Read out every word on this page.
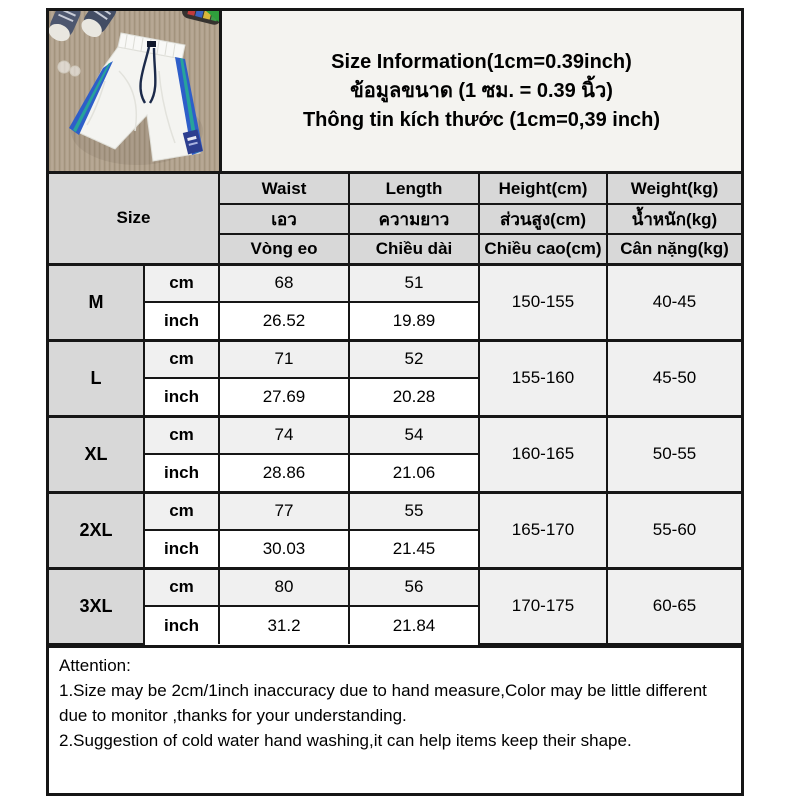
Size Information(1cm=0.39inch)
ข้อมูลขนาด (1 ซม. = 0.39 นิ้ว)
Thông tin kích thước (1cm=0,39 inch)
Size		Waist	Length	Height(cm)	Weight(kg)
		เอว	ความยาว	ส่วนสูง(cm)	น้ำหนัก(kg)
		Vòng eo	Chiều dài	Chiều cao(cm)	Cân nặng(kg)
M	cm	68	51	150-155	40-45
	inch	26.52	19.89		
L	cm	71	52	155-160	45-50
	inch	27.69	20.28		
XL	cm	74	54	160-165	50-55
	inch	28.86	21.06		
2XL	cm	77	55	165-170	55-60
	inch	30.03	21.45		
3XL	cm	80	56	170-175	60-65
	inch	31.2	21.84		
Attention:
1.Size may be 2cm/1inch inaccuracy due to hand measure,Color may be little different due to monitor ,thanks for your understanding.
2.Suggestion of cold water hand washing,it can help items keep their shape.
